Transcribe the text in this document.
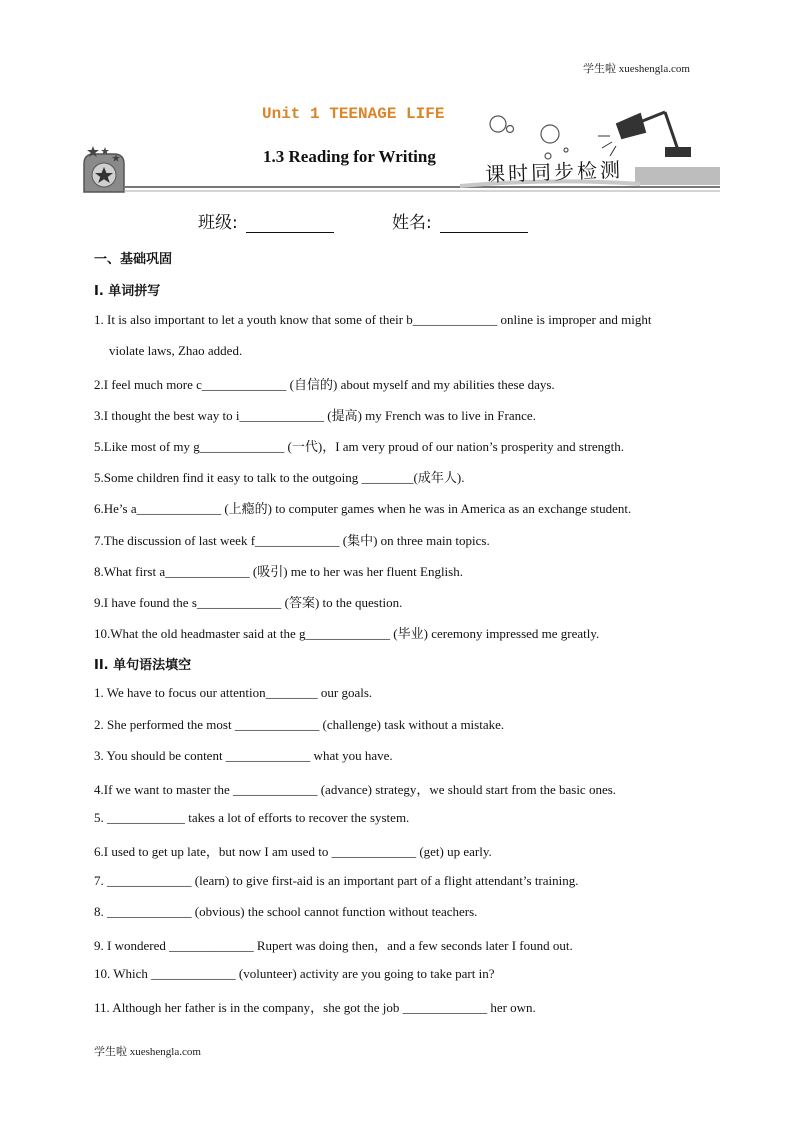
学生啦 xueshengla.com
Unit 1 TEENAGE LIFE
1.3 Reading for Writing
课时同步检测
班级:	姓名:
一、基础巩固
I. 单词拼写
1. It is also important to let a youth know that some of their b_____________ online is improper and might
violate laws, Zhao added.
2.I feel much more c_____________ (自信的) about myself and my abilities these days.
3.I thought the best way to i_____________ (提高) my French was to live in France.
5.Like most of my g_____________ (一代)，I am very proud of our nation’s prosperity and strength.
5.Some children find it easy to talk to the outgoing ________(成年人).
6.He’s a_____________ (上瘾的) to computer games when he was in America as an exchange student.
7.The discussion of last week f_____________ (集中) on three main topics.
8.What first a_____________ (吸引) me to her was her fluent English.
9.I have found the s_____________ (答案) to the question.
10.What the old headmaster said at the g_____________ (毕业) ceremony impressed me greatly.
II. 单句语法填空
1. We have to focus our attention________ our goals.
2. She performed the most _____________ (challenge) task without a mistake.
3. You should be content _____________ what you have.
4.If we want to master the _____________ (advance) strategy，we should start from the basic ones.
5. ____________ takes a lot of efforts to recover the system.
6.I used to get up late，but now I am used to _____________ (get) up early.
7. _____________ (learn) to give first-aid is an important part of a flight attendant’s training.
8. _____________ (obvious) the school cannot function without teachers.
9. I wondered _____________ Rupert was doing then，and a few seconds later I found out.
10. Which _____________ (volunteer) activity are you going to take part in?
11. Although her father is in the company，she got the job _____________ her own.
学生啦 xueshengla.com
